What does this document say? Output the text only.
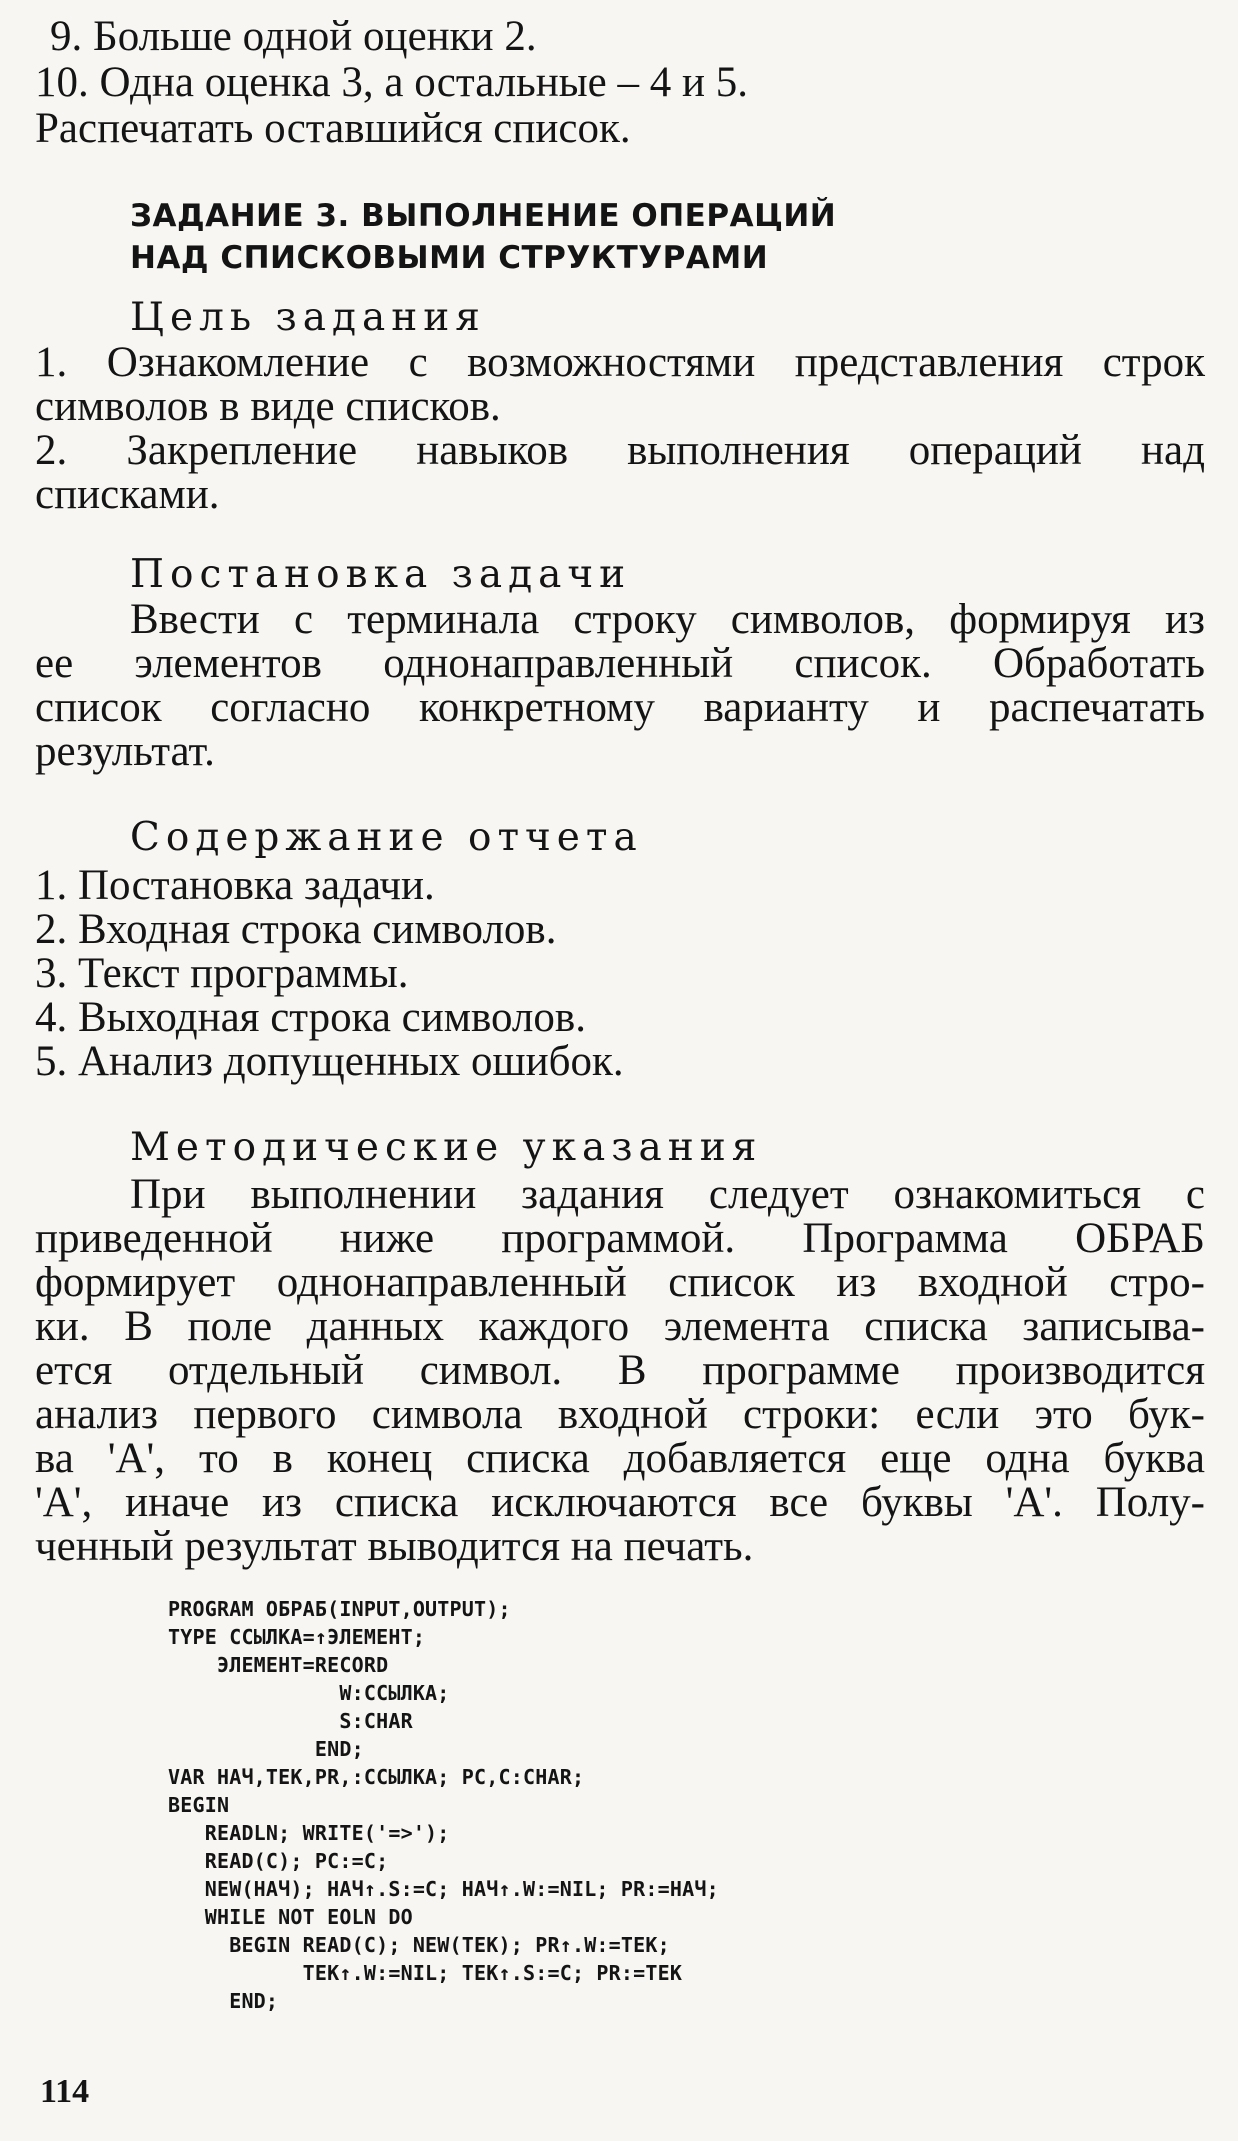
9. Больше одной оценки 2.
10. Одна оценка 3, а остальные – 4 и 5.
Распечатать оставшийся список.
ЗАДАНИЕ 3. ВЫПОЛНЕНИЕ ОПЕРАЦИЙ
НАД СПИСКОВЫМИ СТРУКТУРАМИ
Цель задания
1. Ознакомление с возможностями представления строк
символов в виде списков.
2. Закрепление навыков выполнения операций над
списками.
Постановка задачи
Ввести с терминала строку символов, формируя из
ее элементов однонаправленный список. Обработать
список согласно конкретному варианту и распечатать
результат.
Содержание отчета
1. Постановка задачи.
2. Входная строка символов.
3. Текст программы.
4. Выходная строка символов.
5. Анализ допущенных ошибок.
Методические указания
При выполнении задания следует ознакомиться с
приведенной ниже программой. Программа ОБРАБ
формирует однонаправленный список из входной стро-
ки. В поле данных каждого элемента списка записыва-
ется отдельный символ. В программе производится
анализ первого символа входной строки: если это бук-
ва 'А', то в конец списка добавляется еще одна буква
'А', иначе из списка исключаются все буквы 'А'. Полу-
ченный результат выводится на печать.
PROGRAM ОБРАБ(INPUT,OUTPUT);
TYPE ССЫЛКА=↑ЭЛЕМЕНТ;
ЭЛЕМЕНТ=RECORD
W:ССЫЛКА;
S:CHAR
END;
VAR НАЧ,ТЕК,PR,:ССЫЛКА; PC,C:CHAR;
BEGIN
READLN; WRITE('=>');
READ(C); PC:=C;
NEW(НАЧ); НАЧ↑.S:=C; НАЧ↑.W:=NIL; PR:=НАЧ;
WHILE NOT EOLN DO
BEGIN READ(C); NEW(ТЕК); PR↑.W:=ТЕК;
ТЕК↑.W:=NIL; ТЕК↑.S:=C; PR:=ТЕК
END;
114
